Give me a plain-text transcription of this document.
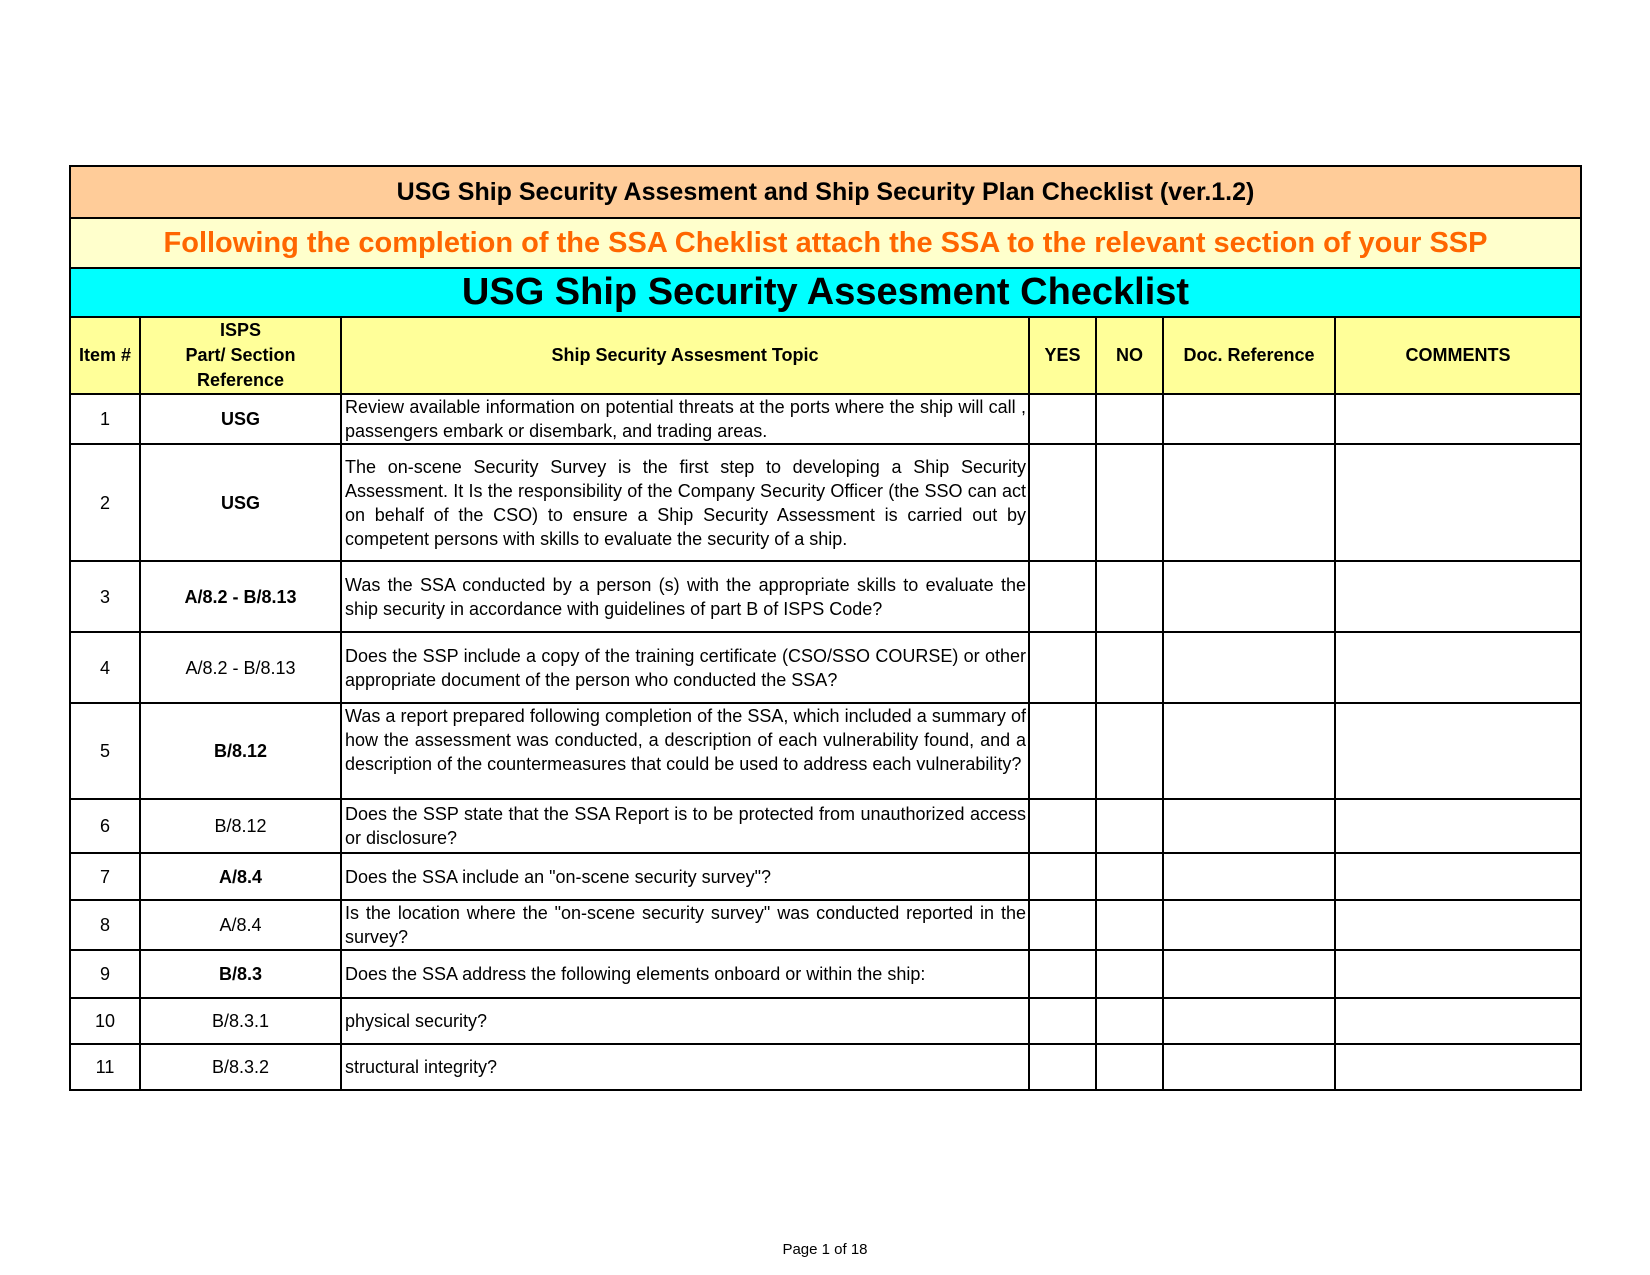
USG Ship Security Assesment and Ship Security Plan Checklist (ver.1.2)						
Following the completion of the SSA Cheklist attach the SSA to the relevant section of your SSP						
USG Ship Security Assesment Checklist						
Item #	ISPS
Part/ Section
Reference	Ship Security Assesment Topic	YES	NO	Doc. Reference	COMMENTS
1	USG	Review available information on potential threats at the ports where the ship will call , passengers embark or disembark, and trading areas.				
2	USG	The on-scene Security Survey is the first step to developing a Ship Security Assessment. It Is the responsibility of the Company Security Officer (the SSO can act on behalf of the CSO) to ensure a Ship Security Assessment is carried out by competent persons with skills to evaluate the security of a ship.				
3	A/8.2 - B/8.13	Was the SSA conducted by a person (s) with the appropriate skills to evaluate the ship security in accordance with guidelines of part B of ISPS Code?				
4	A/8.2 - B/8.13	Does the SSP include a copy of the training certificate (CSO/SSO COURSE) or other appropriate document of the person who conducted the SSA?				
5	B/8.12	Was a report prepared following completion of the SSA, which included a summary of how the assessment was conducted, a description of each vulnerability found, and a description of the countermeasures that could be used to address each vulnerability?				
6	B/8.12	Does the SSP state that the SSA Report is to be protected from unauthorized access or disclosure?				
7	A/8.4	Does the SSA include an "on-scene security survey"?				
8	A/8.4	Is the location where the "on-scene security survey" was conducted reported in the survey?				
9	B/8.3	Does the SSA address the following elements onboard or within the ship:				
10	B/8.3.1	physical security?				
11	B/8.3.2	structural integrity?				
Page 1 of 18
